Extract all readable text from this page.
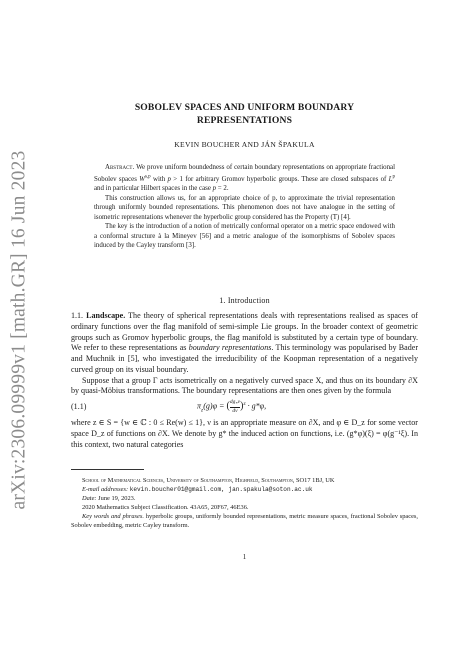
arXiv:2306.09999v1 [math.GR] 16 Jun 2023
SOBOLEV SPACES AND UNIFORM BOUNDARY
REPRESENTATIONS
KEVIN BOUCHER AND JÁN ŠPAKULA

Abstract. We prove uniform boundedness of certain boundary representations on appropriate fractional Sobolev spaces W$^{s,p}$ with p > 1 for arbitrary Gromov hyperbolic groups. These are closed subspaces of $L^p$ and in particular Hilbert spaces in the case p = 2.

This construction allows us, for an appropriate choice of p, to approximate the trivial representation through uniformly bounded representations. This phenomenon does not have analogue in the setting of isometric representations whenever the hyperbolic group considered has the Property (T) [4].

The key is the introduction of a notion of metrically conformal operator on a metric space endowed with a conformal structure à la Mineyev [56] and a metric analogue of the isomorphisms of Sobolev spaces induced by the Cayley transform [3].

1. Introduction

1.1. Landscape. The theory of spherical representations deals with representations realised as spaces of ordinary functions over the flag manifold of semi-simple Lie groups. In the broader context of geometric groups such as Gromov hyperbolic groups, the flag manifold is substituted by a certain type of boundary. We refer to these representations as boundary representations. This terminology was popularised by Bader and Muchnik in [5], who investigated the irreducibility of the Koopman representation of a negatively curved group on its visual boundary.

Suppose that a group Γ acts isometrically on a negatively curved space X, and thus on its boundary ∂X by quasi-Möbius transformations. The boundary representations are then ones given by the formula

(1.1)	$\pi_z(g)\varphi$ = ( $\frac{dg_*\nu}{d\nu} )^z \cdot g*\varphi$,

where z ∈ S = {w ∈ ℂ : 0 ≤ Re(w) ≤ 1}, ν is an appropriate measure on ∂X, and φ ∈ D_z for some vector space D_z of functions on ∂X. We denote by g* the induced action on functions, i.e. (g*φ)(ξ) = φ(g⁻¹ξ). In this context, two natural categories

School of Mathematical Sciences, University of Southampton, Highfield, Southampton, SO17 1BJ, UK

E-mail addresses: kevin.boucher01@gmail.com, jan.spakula@soton.ac.uk

Date: June 19, 2023.

2020 Mathematics Subject Classification. 43A65, 20F67, 46E36.

Key words and phrases. hyperbolic groups, uniformly bounded representations, metric measure spaces, fractional Sobolev spaces, Sobolev embedding, metric Cayley transform.

1
